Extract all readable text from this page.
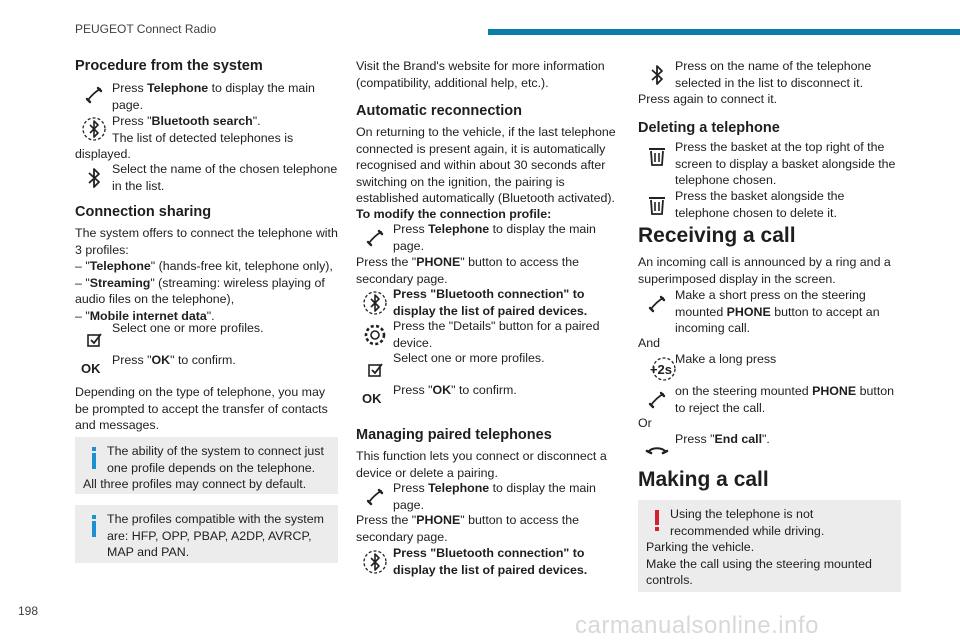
PEUGEOT Connect Radio
198
carmanualsonline.info
Procedure from the system
Press Telephone to display the main page.
Press "Bluetooth search".
The list of detected telephones is
displayed.
Select the name of the chosen telephone in the list.
Connection sharing
The system offers to connect the telephone with 3 profiles:
– "Telephone" (hands-free kit, telephone only),
– "Streaming" (streaming: wireless playing of audio files on the telephone),
– "Mobile internet data".
Select one or more profiles.
OK
Press "OK" to confirm.
Depending on the type of telephone, you may be prompted to accept the transfer of contacts and messages.
The ability of the system to connect just one profile depends on the telephone.
All three profiles may connect by default.
The profiles compatible with the system are: HFP, OPP, PBAP, A2DP, AVRCP, MAP and PAN.
Visit the Brand's website for more information (compatibility, additional help, etc.).
Automatic reconnection
On returning to the vehicle, if the last telephone connected is present again, it is automatically recognised and within about 30 seconds after switching on the ignition, the pairing is established automatically (Bluetooth activated).
To modify the connection profile:
Press Telephone to display the main page.
Press the "PHONE" button to access the secondary page.
Press "Bluetooth connection" to display the list of paired devices.
Press the "Details" button for a paired device.
Select one or more profiles.
OK
Press "OK" to confirm.
Managing paired telephones
This function lets you connect or disconnect a device or delete a pairing.
Press Telephone to display the main page.
Press the "PHONE" button to access the secondary page.
Press "Bluetooth connection" to display the list of paired devices.
Press on the name of the telephone selected in the list to disconnect it.
Press again to connect it.
Deleting a telephone
Press the basket at the top right of the screen to display a basket alongside the telephone chosen.
Press the basket alongside the telephone chosen to delete it.
Receiving a call
An incoming call is announced by a ring and a superimposed display in the screen.
Make a short press on the steering mounted PHONE button to accept an incoming call.
And
+2s
Make a long press
on the steering mounted PHONE button to reject the call.
Or
Press "End call".
Making a call
Using the telephone is not recommended while driving.
Parking the vehicle.
Make the call using the steering mounted controls.
